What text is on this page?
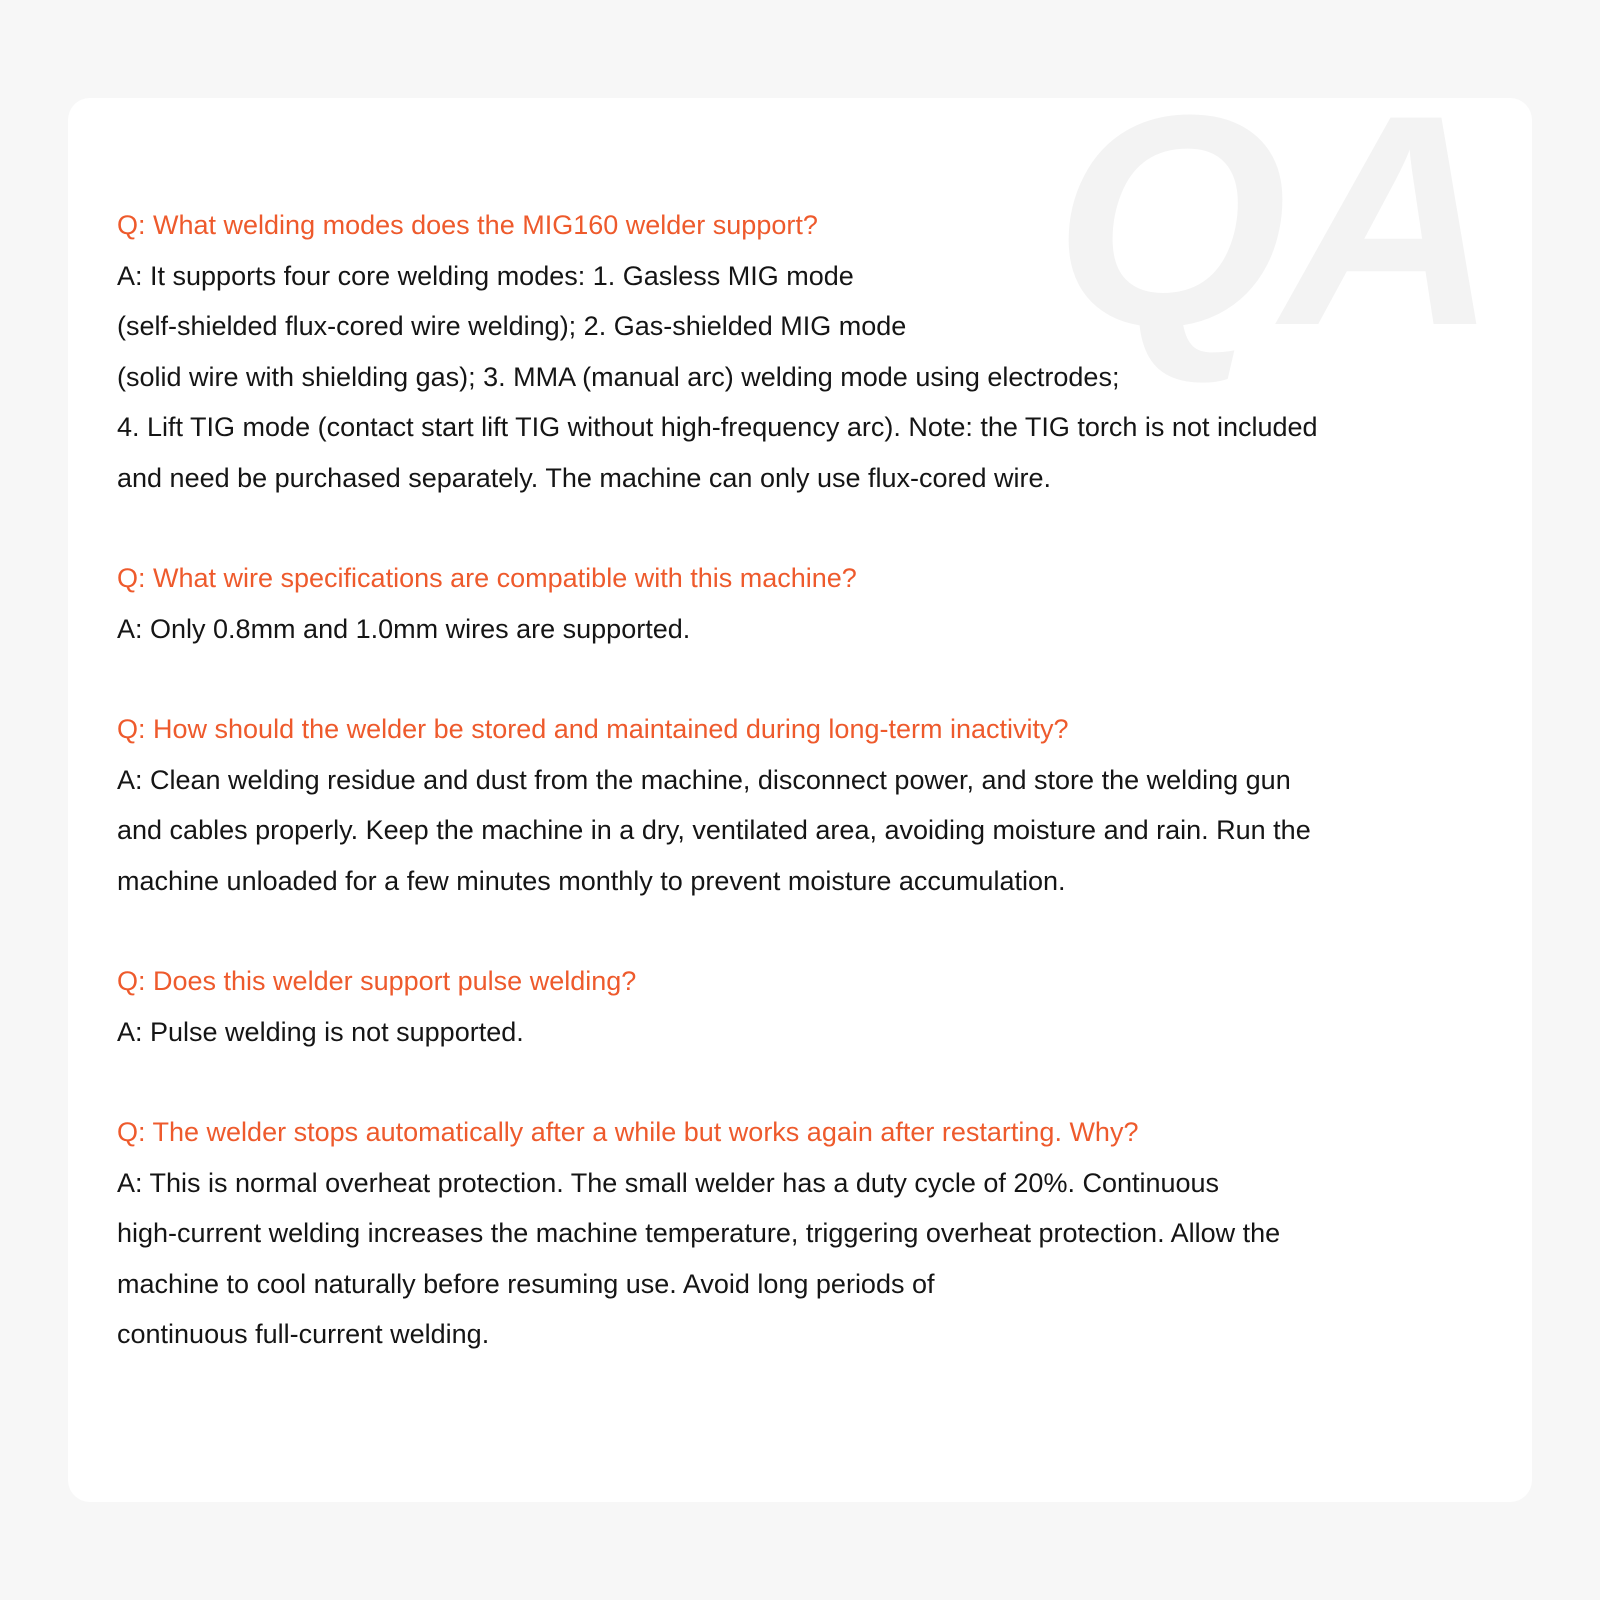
QA

Q: What welding modes does the MIG160 welder support?

A: It supports four core welding modes: 1. Gasless MIG mode

(self-shielded flux-cored wire welding); 2. Gas-shielded MIG mode

(solid wire with shielding gas); 3. MMA (manual arc) welding mode using electrodes;

4. Lift TIG mode (contact start lift TIG without high-frequency arc). Note: the TIG torch is not included

and need be purchased separately. The machine can only use flux-cored wire.

Q: What wire specifications are compatible with this machine?

A: Only 0.8mm and 1.0mm wires are supported.

Q: How should the welder be stored and maintained during long-term inactivity?

A: Clean welding residue and dust from the machine, disconnect power, and store the welding gun

and cables properly. Keep the machine in a dry, ventilated area, avoiding moisture and rain. Run the

machine unloaded for a few minutes monthly to prevent moisture accumulation.

Q: Does this welder support pulse welding?

A: Pulse welding is not supported.

Q: The welder stops automatically after a while but works again after restarting. Why?

A: This is normal overheat protection. The small welder has a duty cycle of 20%. Continuous

high-current welding increases the machine temperature, triggering overheat protection. Allow the

machine to cool naturally before resuming use. Avoid long periods of

continuous full-current welding.
